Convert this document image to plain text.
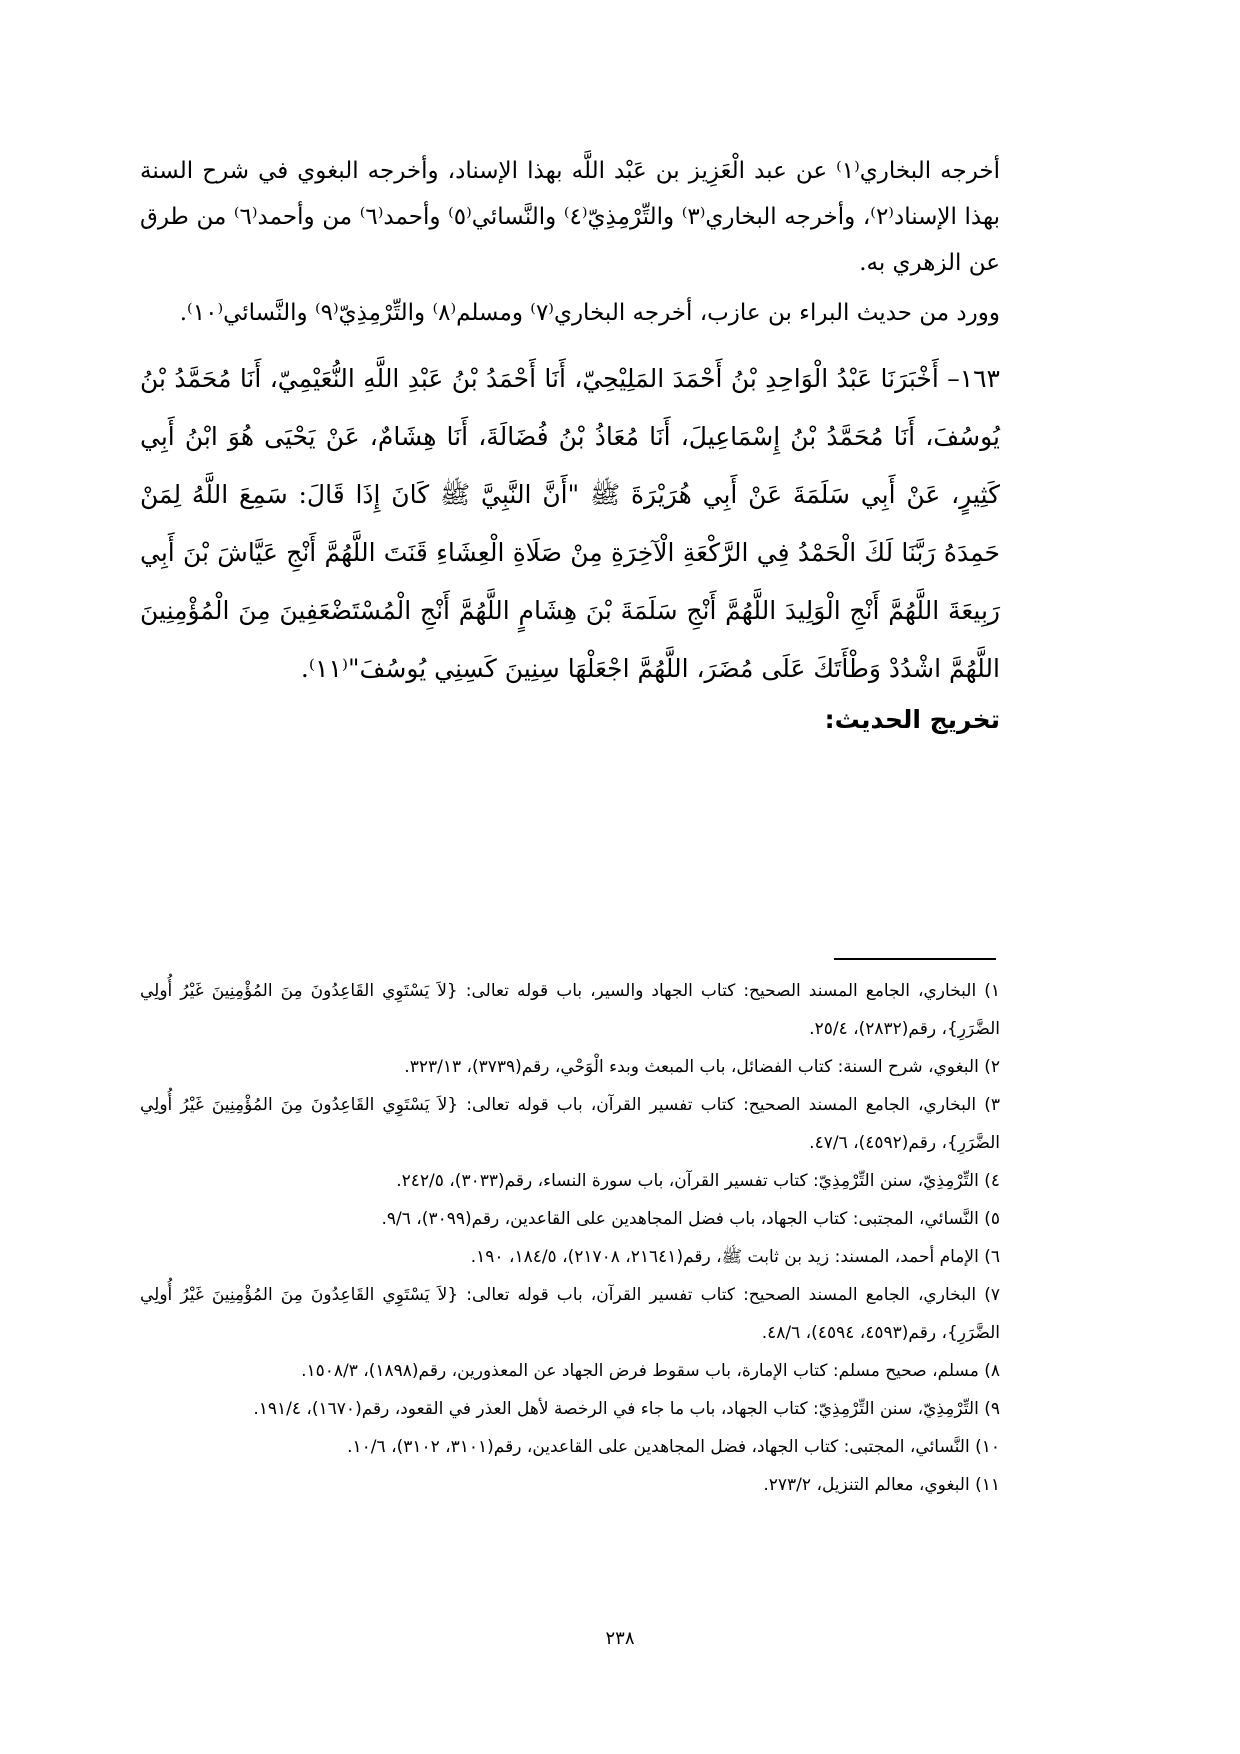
أخرجه البخاري⁽١⁾ عن عبد الْعَزِيز بن عَبْد اللَّه بهذا الإسناد، وأخرجه البغوي في شرح السنة بهذا الإسناد⁽٢⁾، وأخرجه البخاري⁽٣⁾ والتِّرْمِذِيّ⁽٤⁾ والنَّسائي⁽٥⁾ وأحمد⁽٦⁾ من وأحمد⁽٦⁾ من طرق عن الزهري به.

وورد من حديث البراء بن عازب، أخرجه البخاري⁽٧⁾ ومسلم⁽٨⁾ والتِّرْمِذِيّ⁽٩⁾ والنَّسائي⁽١٠⁾.

١٦٣– أَخْبَرَنَا عَبْدُ الْوَاحِدِ بْنُ أَحْمَدَ المَلِيْحِيّ، أَنَا أَحْمَدُ بْنُ عَبْدِ اللَّهِ النُّعَيْمِيّ، أَنَا مُحَمَّدُ بْنُ يُوسُفَ، أَنَا مُحَمَّدُ بْنُ إِسْمَاعِيلَ، أَنَا مُعَاذُ بْنُ فُضَالَةَ، أَنَا هِشَامٌ، عَنْ يَحْيَى هُوَ ابْنُ أَبِي كَثِيرٍ، عَنْ أَبِي سَلَمَةَ عَنْ أَبِي هُرَيْرَةَ ﷺ "أَنَّ النَّبِيَّ ﷺ كَانَ إِذَا قَالَ: سَمِعَ اللَّهُ لِمَنْ حَمِدَهُ رَبَّنَا لَكَ الْحَمْدُ فِي الرَّكْعَةِ الْآخِرَةِ مِنْ صَلَاةِ الْعِشَاءِ قَنَتَ اللَّهُمَّ أَنْجِ عَيَّاشَ بْنَ أَبِي رَبِيعَةَ اللَّهُمَّ أَنْجِ الْوَلِيدَ اللَّهُمَّ أَنْجِ سَلَمَةَ بْنَ هِشَامٍ اللَّهُمَّ أَنْجِ الْمُسْتَضْعَفِينَ مِنَ الْمُؤْمِنِينَ اللَّهُمَّ اشْدُدْ وَطْأَتَكَ عَلَى مُضَرَ، اللَّهُمَّ اجْعَلْهَا سِنِينَ كَسِنِي يُوسُفَ"⁽١١⁾.

تخريج الحديث:

١) البخاري، الجامع المسند الصحيح: كتاب الجهاد والسير، باب قوله تعالى: {لاَ يَسْتَوِي القَاعِدُونَ مِنَ المُؤْمِنِينَ غَيْرُ أُولِي الضَّرَرِ}، رقم(٢٨٣٢)، ٢٥/٤.
٢) البغوي، شرح السنة: كتاب الفضائل، باب المبعث وبدء الْوَحْي، رقم(٣٧٣٩)، ٣٢٣/١٣.
٣) البخاري، الجامع المسند الصحيح: كتاب تفسير القرآن، باب قوله تعالى: {لاَ يَسْتَوِي القَاعِدُونَ مِنَ المُؤْمِنِينَ غَيْرُ أُولِي الضَّرَرِ}، رقم(٤٥٩٢)، ٤٧/٦.
٤) التِّرْمِذِيّ، سنن التِّرْمِذِيّ: كتاب تفسير القرآن، باب سورة النساء، رقم(٣٠٣٣)، ٢٤٢/٥.
٥) النَّسائي، المجتبى: كتاب الجهاد، باب فضل المجاهدين على القاعدين، رقم(٣٠٩٩)، ٩/٦.
٦) الإمام أحمد، المسند: زيد بن ثابت ﷺ، رقم(٢١٦٤١، ٢١٧٠٨)، ١٨٤/٥، ١٩٠.
٧) البخاري، الجامع المسند الصحيح: كتاب تفسير القرآن، باب قوله تعالى: {لاَ يَسْتَوِي القَاعِدُونَ مِنَ المُؤْمِنِينَ غَيْرُ أُولِي الضَّرَرِ}، رقم(٤٥٩٣، ٤٥٩٤)، ٤٨/٦.
٨) مسلم، صحيح مسلم: كتاب الإمارة، باب سقوط فرض الجهاد عن المعذورين، رقم(١٨٩٨)، ١٥٠٨/٣.
٩) التِّرْمِذِيّ، سنن التِّرْمِذِيّ: كتاب الجهاد، باب ما جاء في الرخصة لأهل العذر في القعود، رقم(١٦٧٠)، ١٩١/٤.
١٠) النَّسائي، المجتبى: كتاب الجهاد، فضل المجاهدين على القاعدين، رقم(٣١٠١، ٣١٠٢)، ١٠/٦.
١١) البغوي، معالم التنزيل، ٢٧٣/٢.
٢٣٨
